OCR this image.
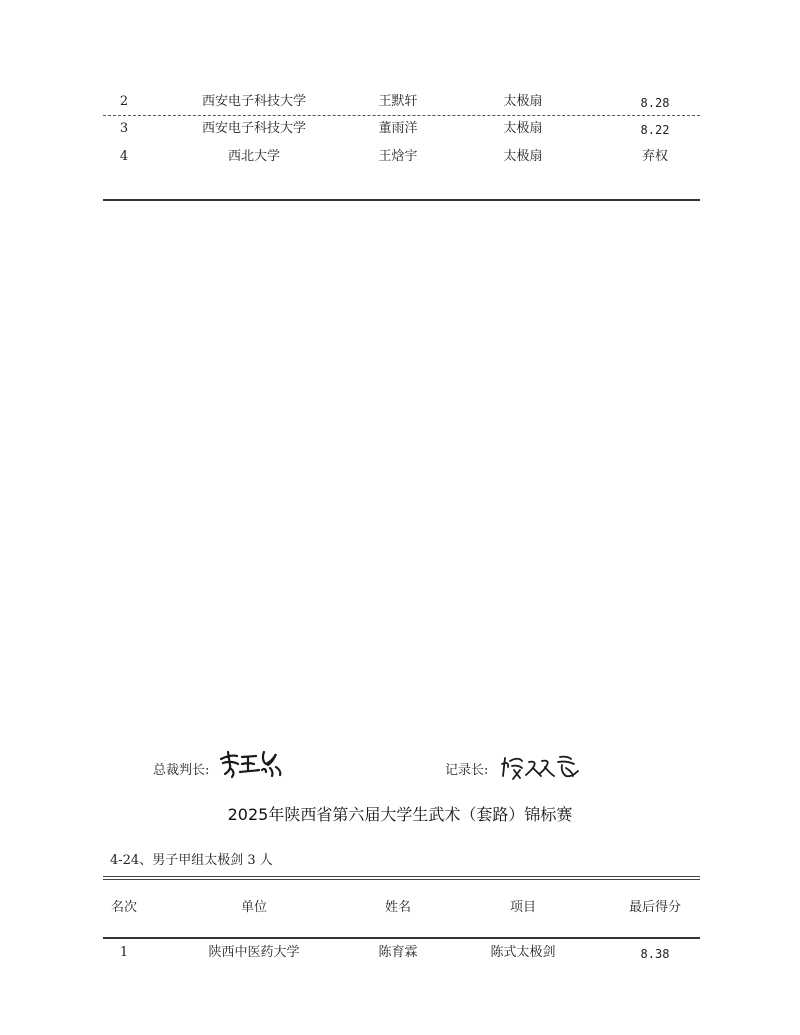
2	西安电子科技大学	王默轩	太极扇	8.28
3	西安电子科技大学	董雨洋	太极扇	8.22
4	西北大学	王焓宇	太极扇	弃权
总裁判长:	记录长:
2025年陕西省第六届大学生武术（套路）锦标赛
4-24、男子甲组太极剑 3 人
名次	单位	姓名	项目	最后得分
1	陕西中医药大学	陈育霖	陈式太极剑	8.38
